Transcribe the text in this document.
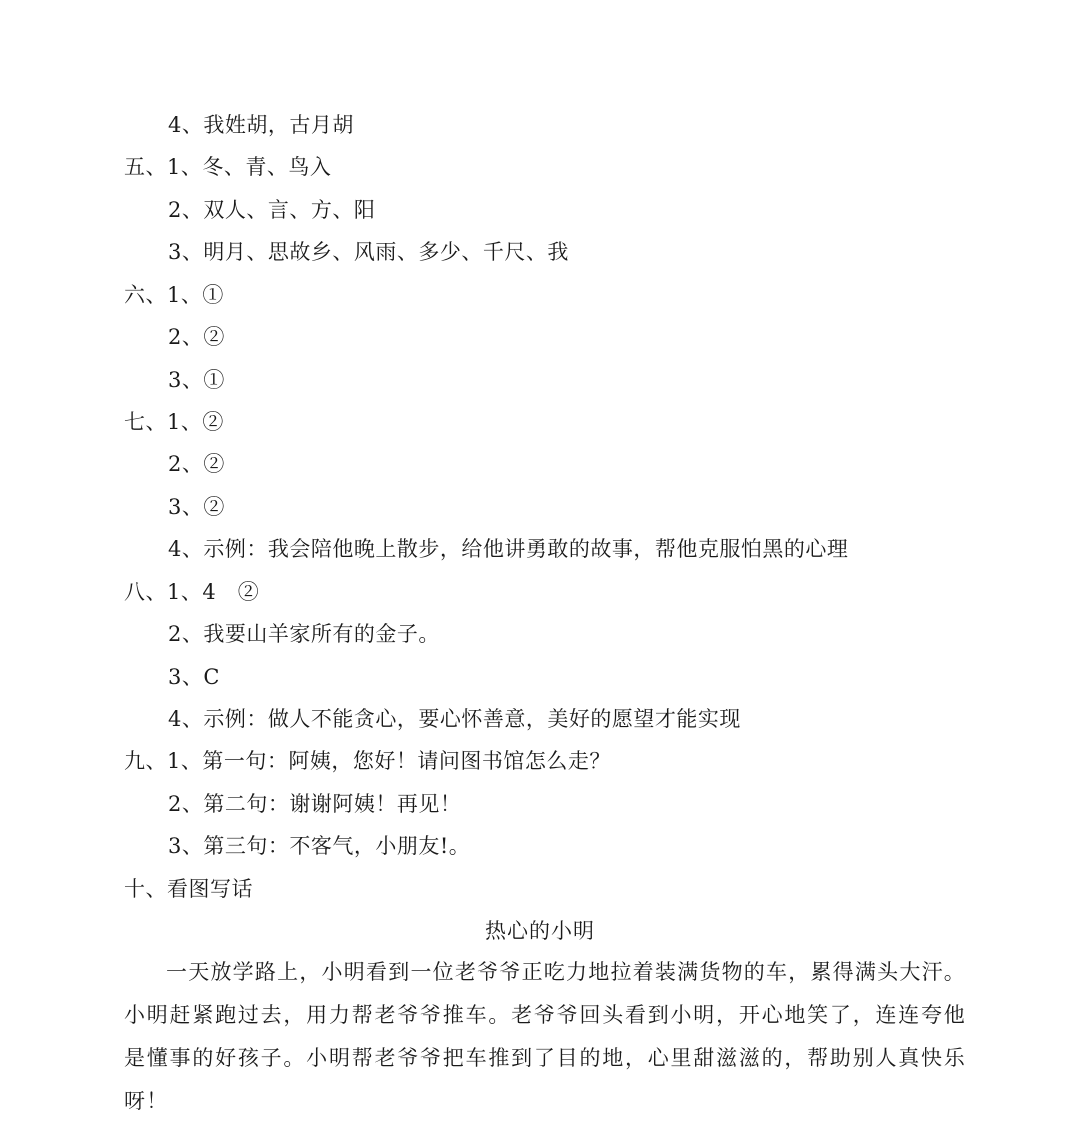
4、我姓胡，古月胡
五、1、冬、青、鸟入
2、双人、言、方、阳
3、明月、思故乡、风雨、多少、千尺、我
六、1、①
2、②
3、①
七、1、②
2、②
3、②
4、示例：我会陪他晚上散步，给他讲勇敢的故事，帮他克服怕黑的心理
八、1、4　②
2、我要山羊家所有的金子。
3、C
4、示例：做人不能贪心，要心怀善意，美好的愿望才能实现
九、1、第一句：阿姨，您好！请问图书馆怎么走？
2、第二句：谢谢阿姨！再见！
3、第三句：不客气，小朋友!。
十、看图写话
热心的小明
一天放学路上，小明看到一位老爷爷正吃力地拉着装满货物的车，累得满头大汗。小明赶紧跑过去，用力帮老爷爷推车。老爷爷回头看到小明，开心地笑了，连连夸他是懂事的好孩子。小明帮老爷爷把车推到了目的地，心里甜滋滋的，帮助别人真快乐呀！
